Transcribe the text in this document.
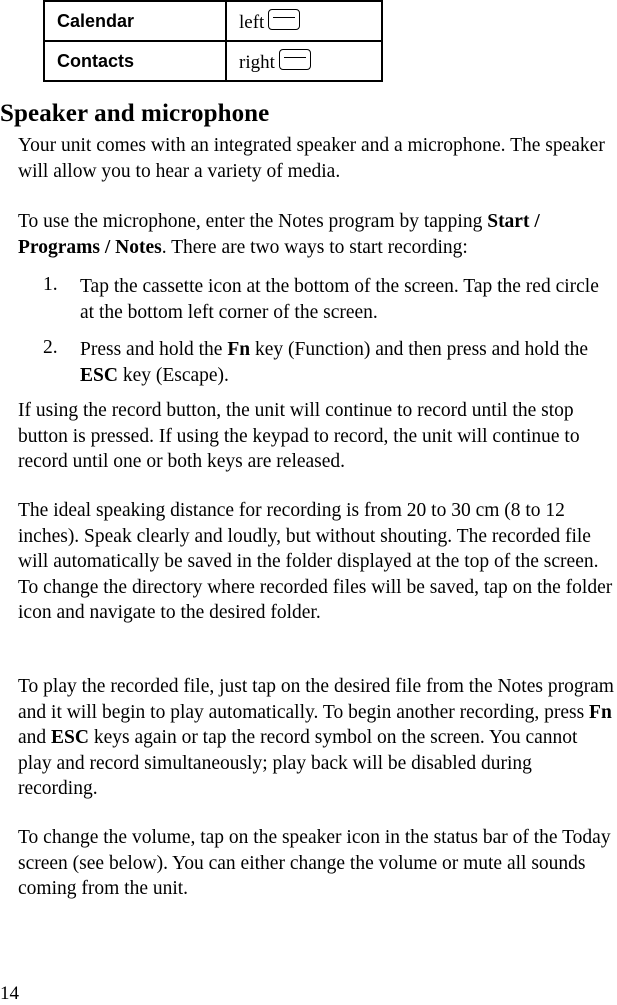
Calendar	left
Contacts	right
Speaker and microphone

Your unit comes with an integrated speaker and a microphone. The speaker will allow you to hear a variety of media.

To use the microphone, enter the Notes program by tapping Start / Programs / Notes. There are two ways to start recording:

1. Tap the cassette icon at the bottom of the screen. Tap the red circle at the bottom left corner of the screen.

2. Press and hold the Fn key (Function) and then press and hold the ESC key (Escape).

If using the record button, the unit will continue to record until the stop button is pressed. If using the keypad to record, the unit will continue to record until one or both keys are released.

The ideal speaking distance for recording is from 20 to 30 cm (8 to 12 inches). Speak clearly and loudly, but without shouting. The recorded file will automatically be saved in the folder displayed at the top of the screen. To change the directory where recorded files will be saved, tap on the folder icon and navigate to the desired folder.

To play the recorded file, just tap on the desired file from the Notes program and it will begin to play automatically. To begin another recording, press Fn and ESC keys again or tap the record symbol on the screen. You cannot play and record simultaneously; play back will be disabled during recording.

To change the volume, tap on the speaker icon in the status bar of the Today screen (see below). You can either change the volume or mute all sounds coming from the unit.

14
